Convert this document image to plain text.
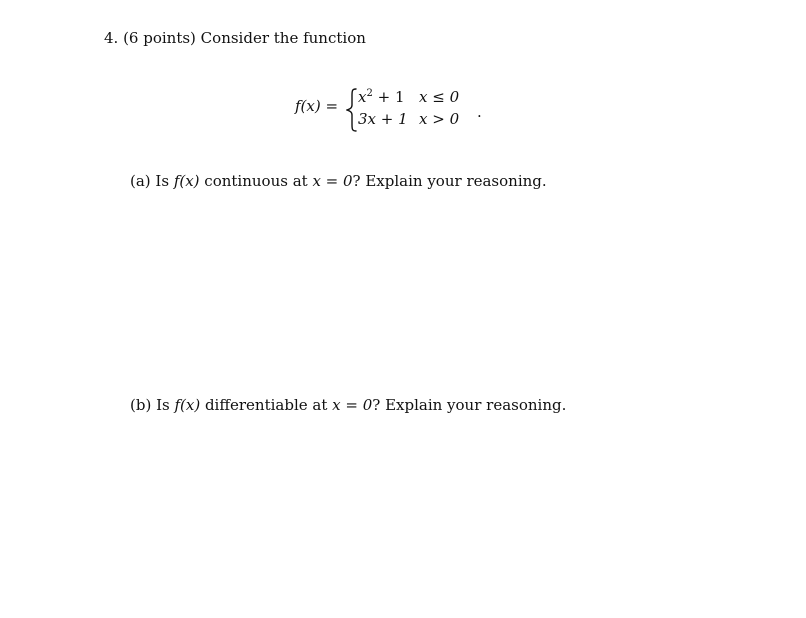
4. (6 points) Consider the function
$f(x) = x^2 + 1$ x ≤ 0
3x + 1 x > 0 .
(a) Is f(x) continuous at x = 0? Explain your reasoning.
(b) Is f(x) differentiable at x = 0? Explain your reasoning.
